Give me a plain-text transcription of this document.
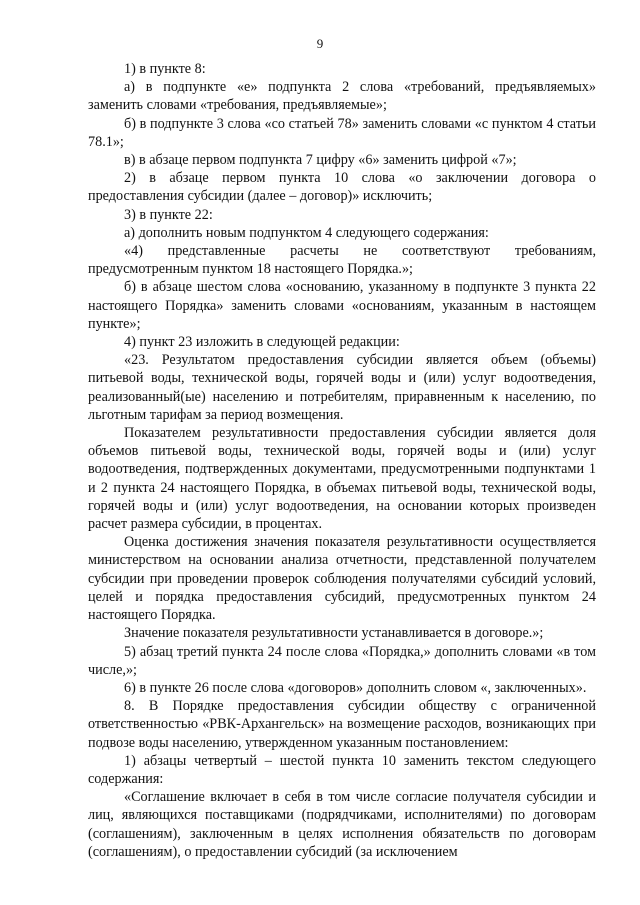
9

1) в пункте 8:

а) в подпункте «е» подпункта 2 слова «требований, предъявляемых» заменить словами «требования, предъявляемые»;

б) в подпункте 3 слова «со статьей 78» заменить словами «с пунктом 4 статьи 78.1»;

в) в абзаце первом подпункта 7 цифру «6» заменить цифрой «7»;

2) в абзаце первом пункта 10 слова «о заключении договора о предоставления субсидии (далее – договор)» исключить;

3) в пункте 22:

а) дополнить новым подпунктом 4 следующего содержания:

«4) представленные расчеты не соответствуют требованиям, предусмотренным пунктом 18 настоящего Порядка.»;

б) в абзаце шестом слова «основанию, указанному в подпункте 3 пункта 22 настоящего Порядка» заменить словами «основаниям, указанным в настоящем пункте»;

4) пункт 23 изложить в следующей редакции:

«23. Результатом предоставления субсидии является объем (объемы) питьевой воды, технической воды, горячей воды и (или) услуг водоотведения, реализованный(ые) населению и потребителям, приравненным к населению, по льготным тарифам за период возмещения.

Показателем результативности предоставления субсидии является доля объемов питьевой воды, технической воды, горячей воды и (или) услуг водоотведения, подтвержденных документами, предусмотренными подпунктами 1 и 2 пункта 24 настоящего Порядка, в объемах питьевой воды, технической воды, горячей воды и (или) услуг водоотведения, на основании которых произведен расчет размера субсидии, в процентах.

Оценка достижения значения показателя результативности осуществляется министерством на основании анализа отчетности, представленной получателем субсидии при проведении проверок соблюдения получателями субсидий условий, целей и порядка предоставления субсидий, предусмотренных пунктом 24 настоящего Порядка.

Значение показателя результативности устанавливается в договоре.»;

5) абзац третий пункта 24 после слова «Порядка,» дополнить словами «в том числе,»;

6) в пункте 26 после слова «договоров» дополнить словом «, заключенных».

8. В Порядке предоставления субсидии обществу с ограниченной ответственностью «РВК-Архангельск» на возмещение расходов, возникающих при подвозе воды населению, утвержденном указанным постановлением:

1) абзацы четвертый – шестой пункта 10 заменить текстом следующего содержания:

«Соглашение включает в себя в том числе согласие получателя субсидии и лиц, являющихся поставщиками (подрядчиками, исполнителями) по договорам (соглашениям), заключенным в целях исполнения обязательств по договорам (соглашениям), о предоставлении субсидий (за исключением
